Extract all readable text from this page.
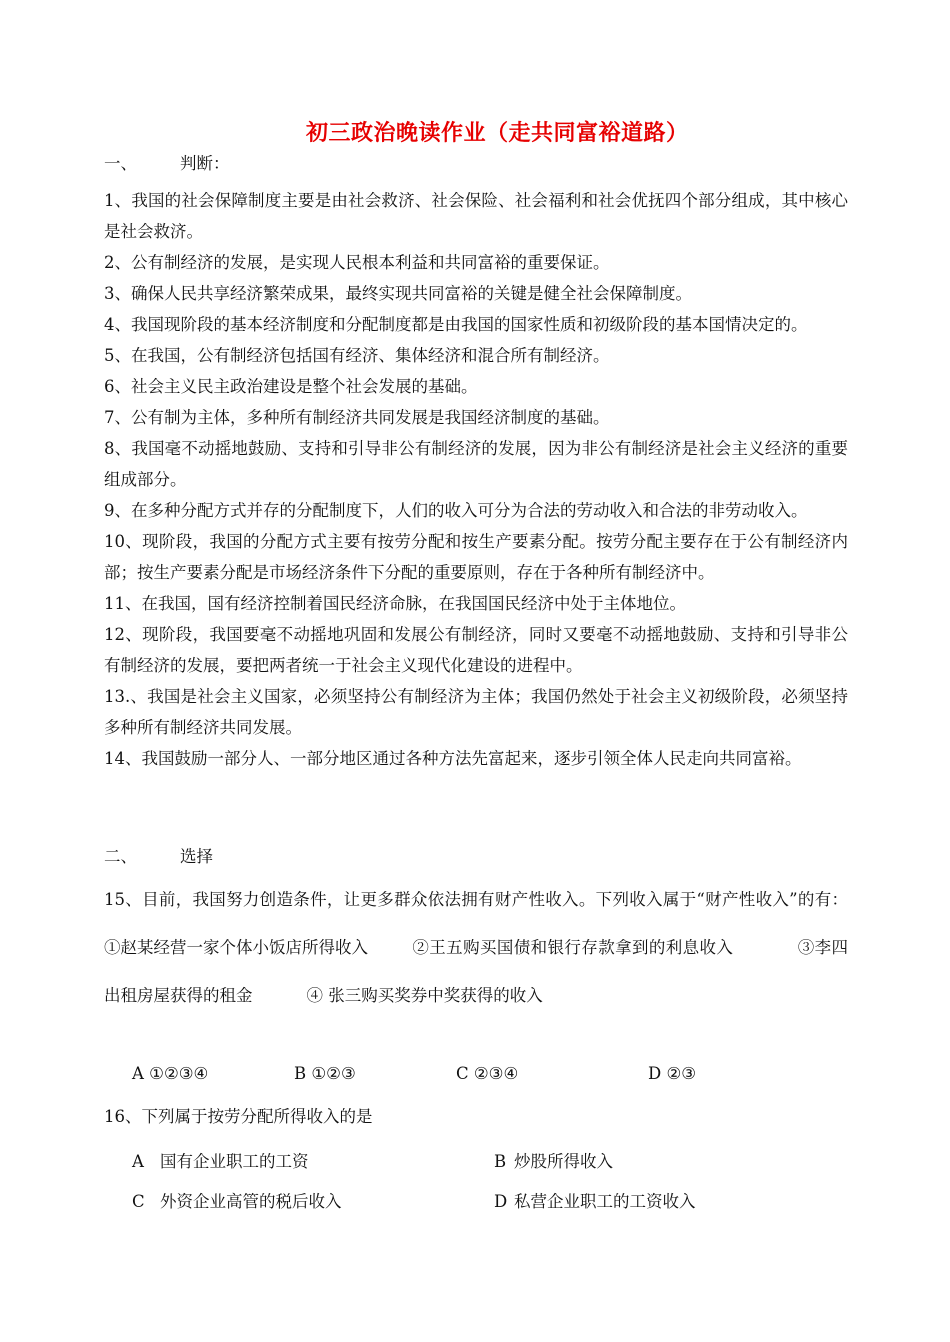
初三政治晚读作业（走共同富裕道路）
一、	判断：
1、我国的社会保障制度主要是由社会救济、社会保险、社会福利和社会优抚四个部分组成，其中核心是社会救济。
2、公有制经济的发展，是实现人民根本利益和共同富裕的重要保证。
3、确保人民共享经济繁荣成果，最终实现共同富裕的关键是健全社会保障制度。
4、我国现阶段的基本经济制度和分配制度都是由我国的国家性质和初级阶段的基本国情决定的。
5、在我国，公有制经济包括国有经济、集体经济和混合所有制经济。
6、社会主义民主政治建设是整个社会发展的基础。
7、公有制为主体，多种所有制经济共同发展是我国经济制度的基础。
8、我国毫不动摇地鼓励、支持和引导非公有制经济的发展，因为非公有制经济是社会主义经济的重要组成部分。
9、在多种分配方式并存的分配制度下，人们的收入可分为合法的劳动收入和合法的非劳动收入。
10、现阶段，我国的分配方式主要有按劳分配和按生产要素分配。按劳分配主要存在于公有制经济内部；按生产要素分配是市场经济条件下分配的重要原则，存在于各种所有制经济中。
11、在我国，国有经济控制着国民经济命脉，在我国国民经济中处于主体地位。
12、现阶段，我国要毫不动摇地巩固和发展公有制经济，同时又要毫不动摇地鼓励、支持和引导非公有制经济的发展，要把两者统一于社会主义现代化建设的进程中。
13.、我国是社会主义国家，必须坚持公有制经济为主体；我国仍然处于社会主义初级阶段，必须坚持多种所有制经济共同发展。
14、我国鼓励一部分人、一部分地区通过各种方法先富起来，逐步引领全体人民走向共同富裕。
二、	选择
15、目前，我国努力创造条件，让更多群众依法拥有财产性收入。下列收入属于“财产性收入”的有：①赵某经营一家个体小饭店所得收入	②王五购买国债和银行存款拿到的利息收入	③李四出租房屋获得的租金	④ 张三购买奖券中奖获得的收入
A ①②③④	B ①②③	C ②③④	D ②③
16、下列属于按劳分配所得收入的是
A 国有企业职工的工资	B 炒股所得收入
C 外资企业高管的税后收入	D 私营企业职工的工资收入
